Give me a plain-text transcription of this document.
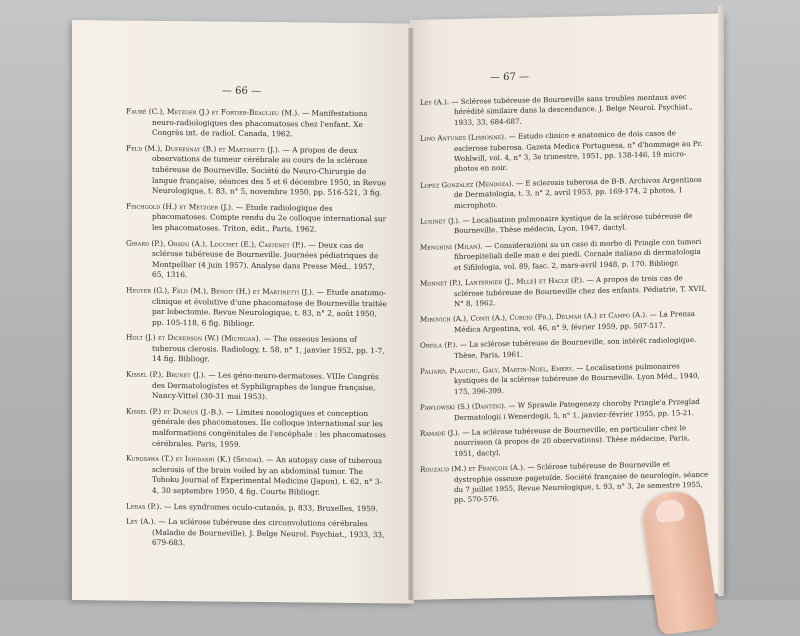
— 66 —
Fauré (C.), Metzger (J.) et Fortier-Beaulieu (M.). — Manifestations neuro-radiologiques des phacomatoses chez l'enfant. Xe Congrès int. de radiol. Canada, 1962.
Feld (M.), Dufresnay (B.) et Martinetti (J.). — A propos de deux observations de tumeur cérébrale au cours de la sclérose tubéreuse de Bourneville. Société de Neuro-Chirurgie de langue française, séances des 5 et 6 décembre 1950, in Revue Neurologique, t. 83, n° 5, novembre 1950, pp. 516-521, 3 fig.
Fischgold (H.) et Metzger (J.). — Etude radiologique des phacomatoses. Compte rendu du 2e colloque international sur les phacomatoses. Triton, édit., Paris, 1962.
Girard (P.), Orsini (A.), Louchet (E.), Castenet (P.). — Deux cas de sclérose tubéreuse de Bourneville. Journées pédiatriques de Montpellier (4 juin 1957). Analyse dans Presse Méd., 1957, 65, 1316.
Heuyer (G.), Feld (M.), Benoit (H.) et Martinetti (J.). — Etude anatomo-clinique et évolutive d'une phacomatose de Bourneville traitée par lobectomie. Revue Neurologique, t. 83, n° 2, août 1950, pp. 105-118, 6 fig. Bibliogr.
Holt (J.) et Dickerson (W.) (Michigan). — The osseous lesions of tuberous clerosis. Radiology, t. 58, n° 1, janvier 1952, pp. 1-7, 14 fig. Bibliogr.
Kissel (P.), Brunet (J.). — Les géno-neuro-dermatoses. VIIIe Congrès des Dermatologistes et Syphiligraphes de langue française, Nancy-Vittel (30-31 mai 1953).
Kissel (P.) et Dureux (J.-B.). — Limites nosologiques et conception générale des phacomatoses. IIe colloque international sur les malformations congénitales de l'encéphale : les phacomatoses cérébrales. Paris, 1959.
Kurosawa (T.) et Ishibashi (K.) (Sendai). — An autopsy case of tuberous sclerosis of the brain voiled by an abdominal tumor. The Tohoku Journal of Experimental Medicine (Japon), t. 62, n° 3-4, 30 septembre 1950, 4 fig. Courte Bibliogr.
Lebas (P.). — Les syndromes oculo-cutanés, p. 833, Bruxelles, 1959.
Ley (A.). — La sclérose tubéreuse des circonvolutions cérébrales (Maladie de Bourneville), J. Belge Neurol. Psychiat., 1933, 33, 679-683.
— 67 —
Ley (A.). — Sclérose tubéreuse de Bourneville sans troubles mentaux avec hérédité similaire dans la descendance. J. Belge Neurol. Psychiat., 1933, 33, 684-687.
Lino Antunes (Lisbonne). — Estudo clinico e anatomico de dois casos de esclerose tuberosa. Gazeta Medica Portuguesa, n° d'hommage au Pr. Wohlwill, vol. 4, n° 3, 3e trimestre, 1951, pp. 138-146, 19 micro-photos en noir.
Lopez Gonzalez (Mendoza). — E sclerosis tuberosa de B-B. Archivos Argentinos de Dermatologia, t. 3, n° 2, avril 1953, pp. 169-174, 2 photos, 1 microphoto.
Lusinet (J.). — Localisation pulmonaire kystique de la sclérose tubéreuse de Bourneville. Thèse médecin, Lyon, 1947, dactyl.
Menghini (Milan). — Considerazioni su un caso di morbo di Pringle con tumori fibroepiteliali delle man e dei piedi. Cornale italiano di dermatologia et Sifilologia, vol. 89, fasc. 2, mars-avril 1948, p. 170. Bibliogr.
Monnet (P.), Lanternier (J., Mlle) et Hacle (P.). — A propos de trois cas de sclérose tubéreuse de Bourneville chez des enfants. Pédiatrie, T. XVII, N° 8, 1962.
Mirovich (A.), Conti (A.), Curcio (Fr.), Delmah (A.) et Campo (A.). — La Prensa Médica Argentina, vol. 46, n° 9, février 1959, pp. 507-517.
Orfila (P.). — La sclérose tubéreuse de Bourneville, son intérêt radiologique. Thèse, Paris, 1961.
Paliard, Plauchu, Galy, Martin-Noel, Emery. — Localisations pulmonaires kystiques de la sclérose tubéreuse de Bourneville. Lyon Méd., 1940, 175, 396-399.
Pawlowski (S.) (Dantzig). — W Sprawle Patogenezy choroby Pringle'a Przeglad Dermatologii i Wenerdogii, 5, n° 1, janvier-février 1955, pp. 15-21.
Ramade (J.). — La sclérose tubéreuse de Bourneville, en particulier chez le nourrisson (à propos de 20 observations). Thèse médecine, Paris, 1951, dactyl.
Rouzaud (M.) et François (A.). — Sclérose tubéreuse de Bourneville et dystrophie osseuse pagetoïde. Société française de neurologie, séance du 7 juillet 1955, Revue Neurologique, t. 93, n° 3, 2e semestre 1955, pp. 570-576.
